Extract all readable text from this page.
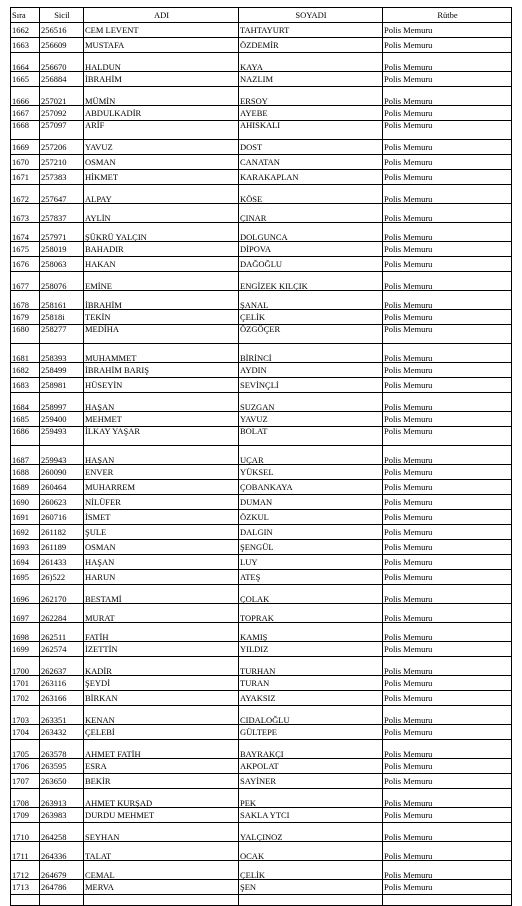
Sıra	Sicil	ADI	SOYADI	Rütbe
1662	256516	CEM LEVENT	TAHTAYURT	Polis Memuru
1663	256609	MUSTAFA	ÖZDEMİR	Polis Memuru
1664	256670	HALDUN	KAYA	Polis Memuru
1665	256884	İBRAHİM	NAZLIM	Polis Memuru
1666	257021	MÜMİN	ERSOY	Polis Memuru
1667	257092	ABDULKADİR	AYEBE	Polis Memuru
1668	257097	ARİF	AHISKALI	Polis Memuru
1669	257206	YAVUZ	DOST	Polis Memuru
1670	257210	OSMAN	CANATAN	Polis Memuru
1671	257383	HİKMET	KARAKAPLAN	Polis Memuru
1672	257647	ALPAY	KÖSE	Polis Memuru
1673	257837	AYLİN	ÇINAR	Polis Memuru
1674	257971	ŞÜKRÜ YALÇIN	DOLGUNCA	Polis Memuru
1675	258019	BAHADIR	DİPOVA	Polis Memuru
1676	258063	HAKAN	DAĞOĞLU	Polis Memuru
1677	258076	EMİNE	ENGİZEK KILÇIK	Polis Memuru
1678	258161	İBRAHİM	ŞANAL	Polis Memuru
1679	25818i	TEKİN	ÇELİK	Polis Memuru
1680	258277	MEDİHA	ÖZGÖÇER	Polis Memuru
1681	258393	MUHAMMET	BİRİNCİ	Polis Memuru
1682	258499	İBRAHİM BARIŞ	AYDIN	Polis Memuru
1683	258981	HÜSEYİN	SEVİNÇLİ	Polis Memuru
1684	258997	HAŞAN	SUZGAN	Polis Memuru
1685	259400	MEHMET	YAVUZ	Polis Memuru
1686	259493	İLKAY YAŞAR	BOLAT	Polis Memuru
1687	259943	HAŞAN	UÇAR	Polis Memuru
1688	260090	ENVER	YÜKSEL	Polis Memuru
1689	260464	MUHARREM	ÇOBANKAYA	Polis Memuru
1690	260623	NİLÜFER	DUMAN	Polis Memuru
1691	260716	İSMET	ÖZKUL	Polis Memuru
1692	261182	ŞULE	DALGIN	Polis Memuru
1693	261189	OSMAN	ŞENGÜL	Polis Memuru
1694	261433	HAŞAN	LUY	Polis Memuru
1695	26)522	HARUN	ATEŞ	Polis Memuru
1696	262170	BESTAMİ	ÇOLAK	Polis Memuru
1697	262284	MURAT	TOPRAK	Polis Memuru
1698	262511	FATİH	KAMIŞ	Polis Memuru
1699	262574	İZETTİN	YILDIZ	Polis Memuru
1700	262637	KADİR	TURHAN	Polis Memuru
1701	263116	ŞEYDİ	TURAN	Polis Memuru
1702	263166	BİRKAN	AYAKSIZ	Polis Memuru
1703	263351	KENAN	CIDALOĞLU	Polis Memuru
1704	263432	ÇELEBİ	GÜLTEPE	Polis Memuru
1705	263578	AHMET FATİH	BAYRAKÇI	Polis Memuru
1706	263595	ESRA	AKPOLAT	Polis Memuru
1707	263650	BEKİR	SAYİNER	Polis Memuru
1708	263913	AHMET KURŞAD	PEK	Polis Memuru
1709	263983	DURDU MEHMET	SAKLA YTCI	Polis Memuru
1710	264258	SEYHAN	YALÇINOZ	Polis Memuru
1711	264336	TALAT	OCAK	Polis Memuru
1712	264679	CEMAL	ÇELİK	Polis Memuru
1713	264786	MERVA	ŞEN	Polis Memuru
